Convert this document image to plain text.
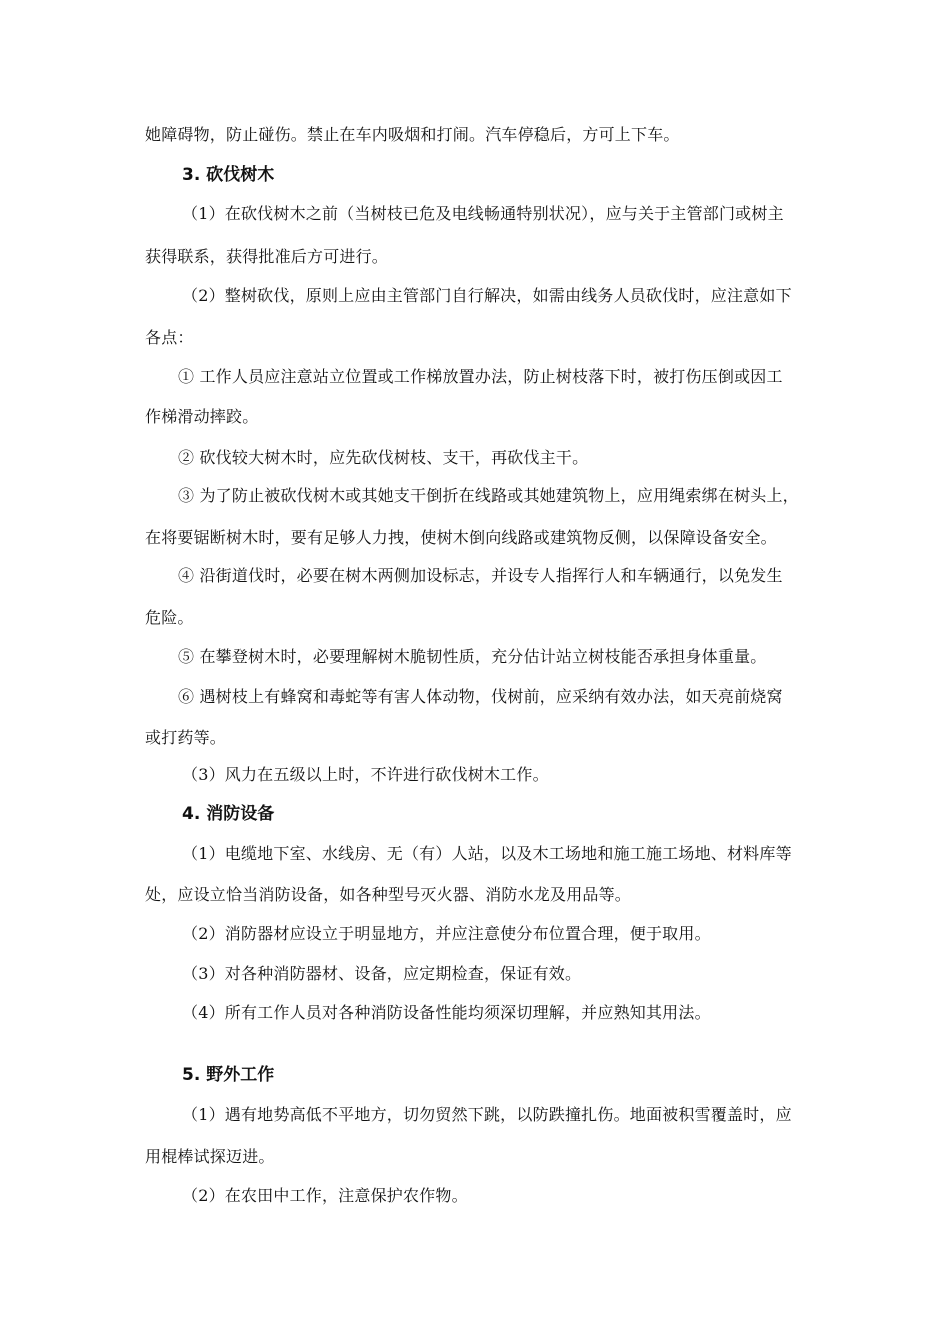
她障碍物，防止碰伤。禁止在车内吸烟和打闹。汽车停稳后，方可上下车。
3. 砍伐树木
（1）在砍伐树木之前（当树枝已危及电线畅通特别状况），应与关于主管部门或树主
获得联系，获得批准后方可进行。
（2）整树砍伐，原则上应由主管部门自行解决，如需由线务人员砍伐时，应注意如下
各点：
① 工作人员应注意站立位置或工作梯放置办法，防止树枝落下时，被打伤压倒或因工
作梯滑动摔跤。
② 砍伐较大树木时，应先砍伐树枝、支干，再砍伐主干。
③ 为了防止被砍伐树木或其她支干倒折在线路或其她建筑物上，应用绳索绑在树头上，
在将要锯断树木时，要有足够人力拽，使树木倒向线路或建筑物反侧，以保障设备安全。
④ 沿街道伐时，必要在树木两侧加设标志，并设专人指挥行人和车辆通行，以免发生
危险。
⑤ 在攀登树木时，必要理解树木脆韧性质，充分估计站立树枝能否承担身体重量。
⑥ 遇树枝上有蜂窝和毒蛇等有害人体动物，伐树前，应采纳有效办法，如天亮前烧窝
或打药等。
（3）风力在五级以上时，不许进行砍伐树木工作。
4. 消防设备
（1）电缆地下室、水线房、无（有）人站，以及木工场地和施工施工场地、材料库等
处，应设立恰当消防设备，如各种型号灭火器、消防水龙及用品等。
（2）消防器材应设立于明显地方，并应注意使分布位置合理，便于取用。
（3）对各种消防器材、设备，应定期检查，保证有效。
（4）所有工作人员对各种消防设备性能均须深切理解，并应熟知其用法。
5. 野外工作
（1）遇有地势高低不平地方，切勿贸然下跳，以防跌撞扎伤。地面被积雪覆盖时，应
用棍棒试探迈进。
（2）在农田中工作，注意保护农作物。
